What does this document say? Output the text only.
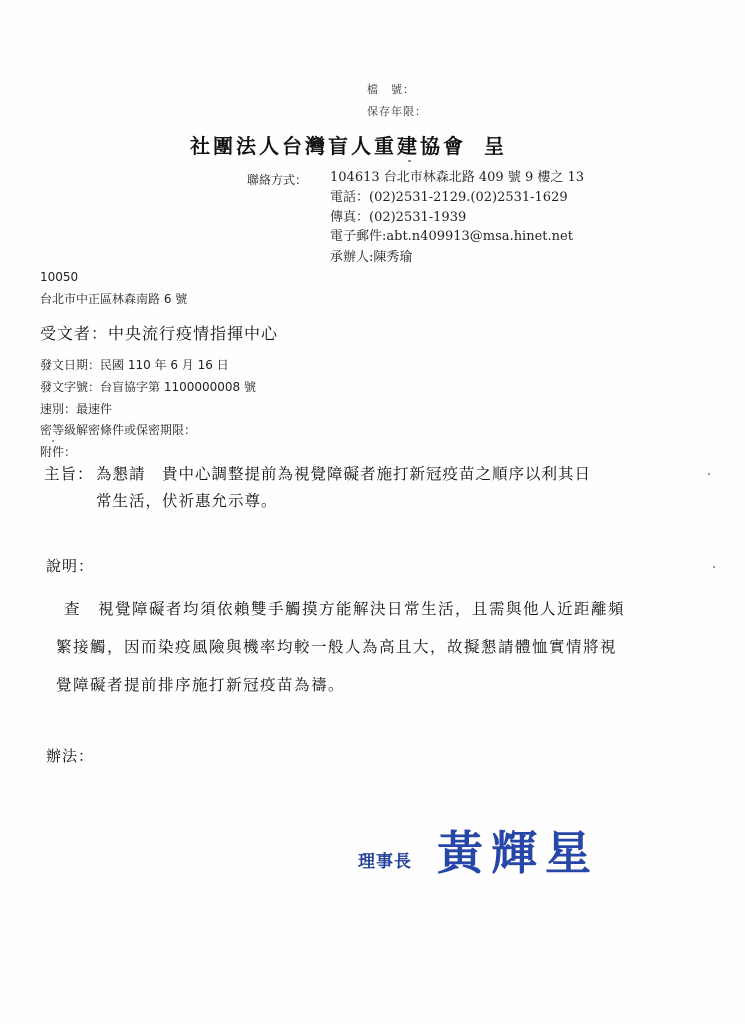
檔　號：
保存年限：
社團法人台灣盲人重建協會 呈
聯絡方式： 104613 台北市林森北路 409 號 9 樓之 13
電話：(02)2531-2129.(02)2531-1629
傳真：(02)2531-1939
電子郵件:abt.n409913@msa.hinet.net
承辦人:陳秀瑜
10050
台北市中正區林森南路 6 號
受文者：中央流行疫情指揮中心
發文日期：民國 110 年 6 月 16 日
發文字號：台盲協字第 1100000008 號
速別：最速件
密等級解密條件或保密期限：
附件：
主旨： 為懇請　貴中心調整提前為視覺障礙者施打新冠疫苗之順序以利其日
常生活，伏祈惠允示尊。
說明：
查　視覺障礙者均須依賴雙手觸摸方能解決日常生活，且需與他人近距離頻
繁接觸，因而染疫風險與機率均較一般人為高且大，故擬懇請體恤實情將視
覺障礙者提前排序施打新冠疫苗為禱。
辦法：
理事長 黃輝星
